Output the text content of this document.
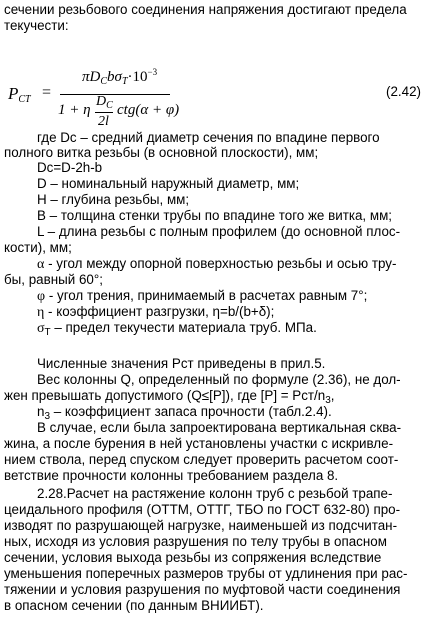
сечении резьбового соединения напряжения достигают предела
текучести:
$P_{CT}$ =
$\pi D_Cb\sigma_T\cdot 10^{-3}$
1 + η
$D_C$
2l
ctg(α + φ)
(2.42)
где Dс – средний диаметр сечения по впадине первого
полного витка резьбы (в основной плоскости), мм;
Dc=D-2h-b
D – номинальный наружный диаметр, мм;
H – глубина резьбы, мм;
В – толщина стенки трубы по впадине того же витка, мм;
L – длина резьбы с полным профилем (до основной плос-
кости), мм;
α - угол между опорной поверхностью резьбы и осью тру-
бы, равный 60°;
φ - угол трения, принимаемый в расчетах равным 7°;
η - коэффициент разгрузки, η=b/(b+δ);
$\sigma_T$ – предел текучести материала труб. МПа.
Численные значения Рст приведены в прил.5.
Вес колонны Q, определенный по формуле (2.36), не дол-
жен превышать допустимого (Q≤[P]), где [P] = Рст/$n_3$,
$n_3$ – коэффициент запаса прочности (табл.2.4).
В случае, если была запроектирована вертикальная сква-
жина, а после бурения в ней установлены участки с искривле-
нием ствола, перед спуском следует проверить расчетом соот-
ветствие прочности колонны требованием раздела 8.
2.28.Расчет на растяжение колонн труб с резьбой трапе-
цеидального профиля (ОТТМ, ОТТГ, ТБО по ГОСТ 632-80) про-
изводят по разрушающей нагрузке, наименьшей из подсчитан-
ных, исходя из условия разрушения по телу трубы в опасном
сечении, условия выхода резьбы из сопряжения вследствие
уменьшения поперечных размеров трубы от удлинения при рас-
тяжении и условия разрушения по муфтовой части соединения
в опасном сечении (по данным ВНИИБТ).
